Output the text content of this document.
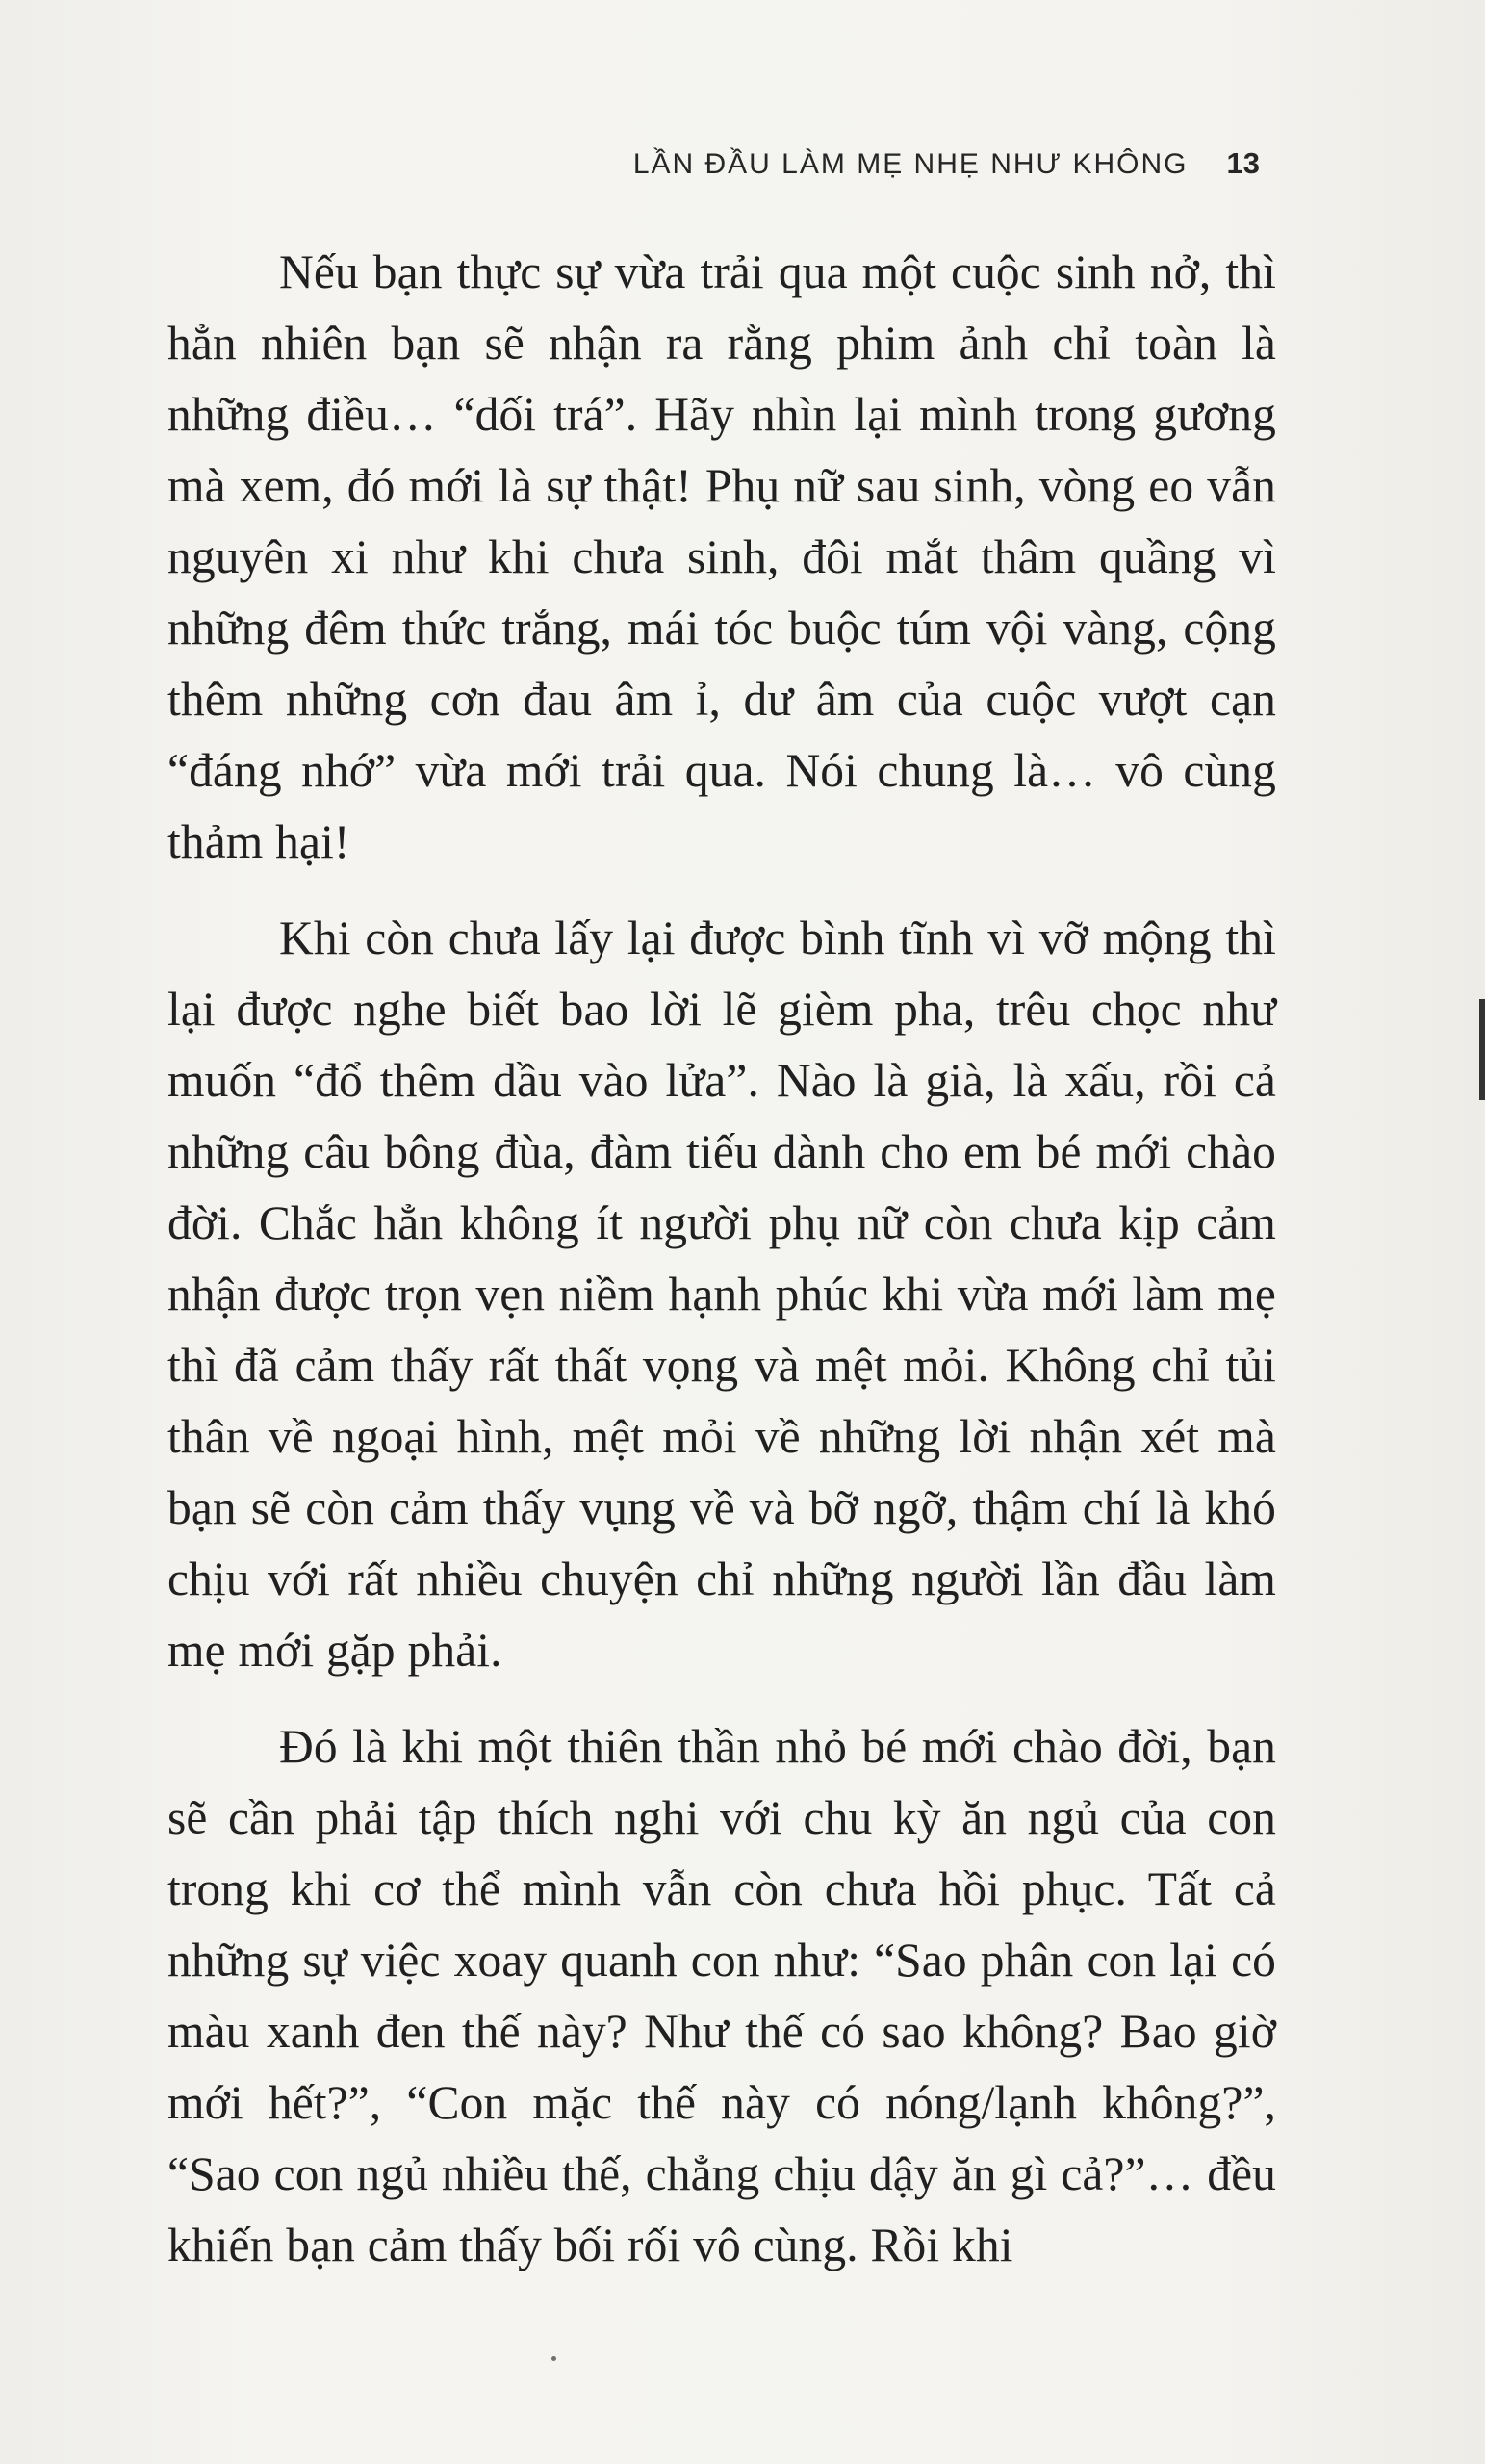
LẦN ĐẦU LÀM MẸ NHẸ NHƯ KHÔNG 13

Nếu bạn thực sự vừa trải qua một cuộc sinh nở, thì hẳn nhiên bạn sẽ nhận ra rằng phim ảnh chỉ toàn là những điều… “dối trá”. Hãy nhìn lại mình trong gương mà xem, đó mới là sự thật! Phụ nữ sau sinh, vòng eo vẫn nguyên xi như khi chưa sinh, đôi mắt thâm quầng vì những đêm thức trắng, mái tóc buộc túm vội vàng, cộng thêm những cơn đau âm ỉ, dư âm của cuộc vượt cạn “đáng nhớ” vừa mới trải qua. Nói chung là… vô cùng thảm hại!

Khi còn chưa lấy lại được bình tĩnh vì vỡ mộng thì lại được nghe biết bao lời lẽ gièm pha, trêu chọc như muốn “đổ thêm dầu vào lửa”. Nào là già, là xấu, rồi cả những câu bông đùa, đàm tiếu dành cho em bé mới chào đời. Chắc hẳn không ít người phụ nữ còn chưa kịp cảm nhận được trọn vẹn niềm hạnh phúc khi vừa mới làm mẹ thì đã cảm thấy rất thất vọng và mệt mỏi. Không chỉ tủi thân về ngoại hình, mệt mỏi về những lời nhận xét mà bạn sẽ còn cảm thấy vụng về và bỡ ngỡ, thậm chí là khó chịu với rất nhiều chuyện chỉ những người lần đầu làm mẹ mới gặp phải.

Đó là khi một thiên thần nhỏ bé mới chào đời, bạn sẽ cần phải tập thích nghi với chu kỳ ăn ngủ của con trong khi cơ thể mình vẫn còn chưa hồi phục. Tất cả những sự việc xoay quanh con như: “Sao phân con lại có màu xanh đen thế này? Như thế có sao không? Bao giờ mới hết?”, “Con mặc thế này có nóng/lạnh không?”, “Sao con ngủ nhiều thế, chẳng chịu dậy ăn gì cả?”… đều khiến bạn cảm thấy bối rối vô cùng. Rồi khi
